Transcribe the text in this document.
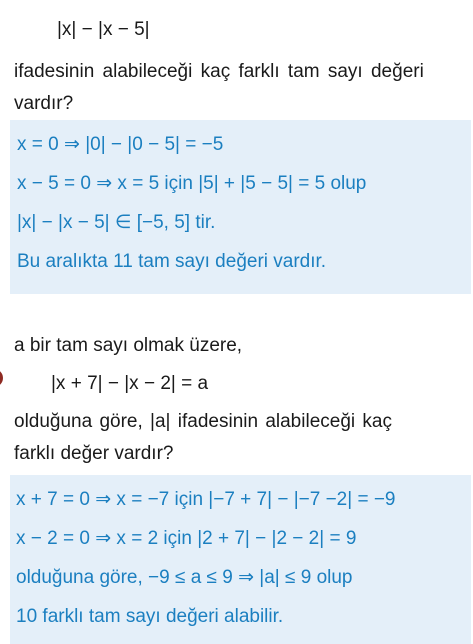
|x| − |x − 5|
ifadesinin alabileceği kaç farklı tam sayı değeri
vardır?
x = 0 ⇒ |0| − |0 − 5| = −5
x − 5 = 0 ⇒ x = 5 için |5| + |5 − 5| = 5 olup
|x| − |x − 5| ∈ [−5, 5] tir.
Bu aralıkta 11 tam sayı değeri vardır.
a bir tam sayı olmak üzere,
|x + 7| − |x − 2| = a
olduğuna göre, |a| ifadesinin alabileceği kaç
farklı değer vardır?
x + 7 = 0 ⇒ x = −7 için |−7 + 7| − |−7 −2| = −9
x − 2 = 0 ⇒ x = 2 için |2 + 7| − |2 − 2| = 9
olduğuna göre, −9 ≤ a ≤ 9 ⇒ |a| ≤ 9 olup
10 farklı tam sayı değeri alabilir.
